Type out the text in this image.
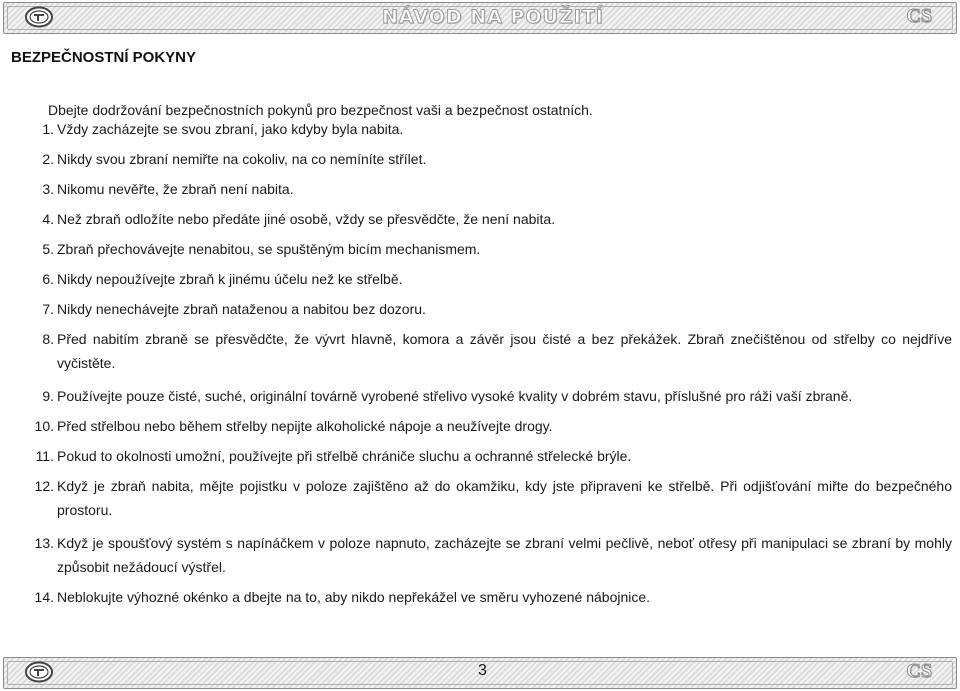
NÁVOD NA POUŽITÍ	CS
BEZPEČNOSTNÍ POKYNY
Dbejte dodržování bezpečnostních pokynů pro bezpečnost vaši a bezpečnost ostatních.
1. Vždy zacházejte se svou zbraní, jako kdyby byla nabita.
2. Nikdy svou zbraní nemiřte na cokoliv, na co nemíníte střílet.
3. Nikomu nevěřte, že zbraň není nabita.
4. Než zbraň odložíte nebo předáte jiné osobě, vždy se přesvědčte, že není nabita.
5. Zbraň přechovávejte nenabitou, se spuštěným bicím mechanismem.
6. Nikdy nepoužívejte zbraň k jinému účelu než ke střelbě.
7. Nikdy nenechávejte zbraň nataženou a nabitou bez dozoru.
8. Před nabitím zbraně se přesvědčte, že vývrt hlavně, komora a závěr jsou čisté a bez překážek. Zbraň znečištěnou od střelby co nejdříve vyčistěte.
9. Používejte pouze čisté, suché, originální továrně vyrobené střelivo vysoké kvality v dobrém stavu, příslušné pro ráži vaší zbraně.
10. Před střelbou nebo během střelby nepijte alkoholické nápoje a neužívejte drogy.
11. Pokud to okolnosti umožní, používejte při střelbě chrániče sluchu a ochranné střelecké brýle.
12. Když je zbraň nabita, mějte pojistku v poloze zajištěno až do okamžiku, kdy jste připraveni ke střelbě. Při odjišťování miřte do bezpečného prostoru.
13. Když je spoušťový systém s napínáčkem v poloze napnuto, zacházejte se zbraní velmi pečlivě, neboť otřesy při manipulaci se zbraní by mohly způsobit nežádoucí výstřel.
14. Neblokujte výhozné okénko a dbejte na to, aby nikdo nepřekážel ve směru vyhozené nábojnice.
3	CS
